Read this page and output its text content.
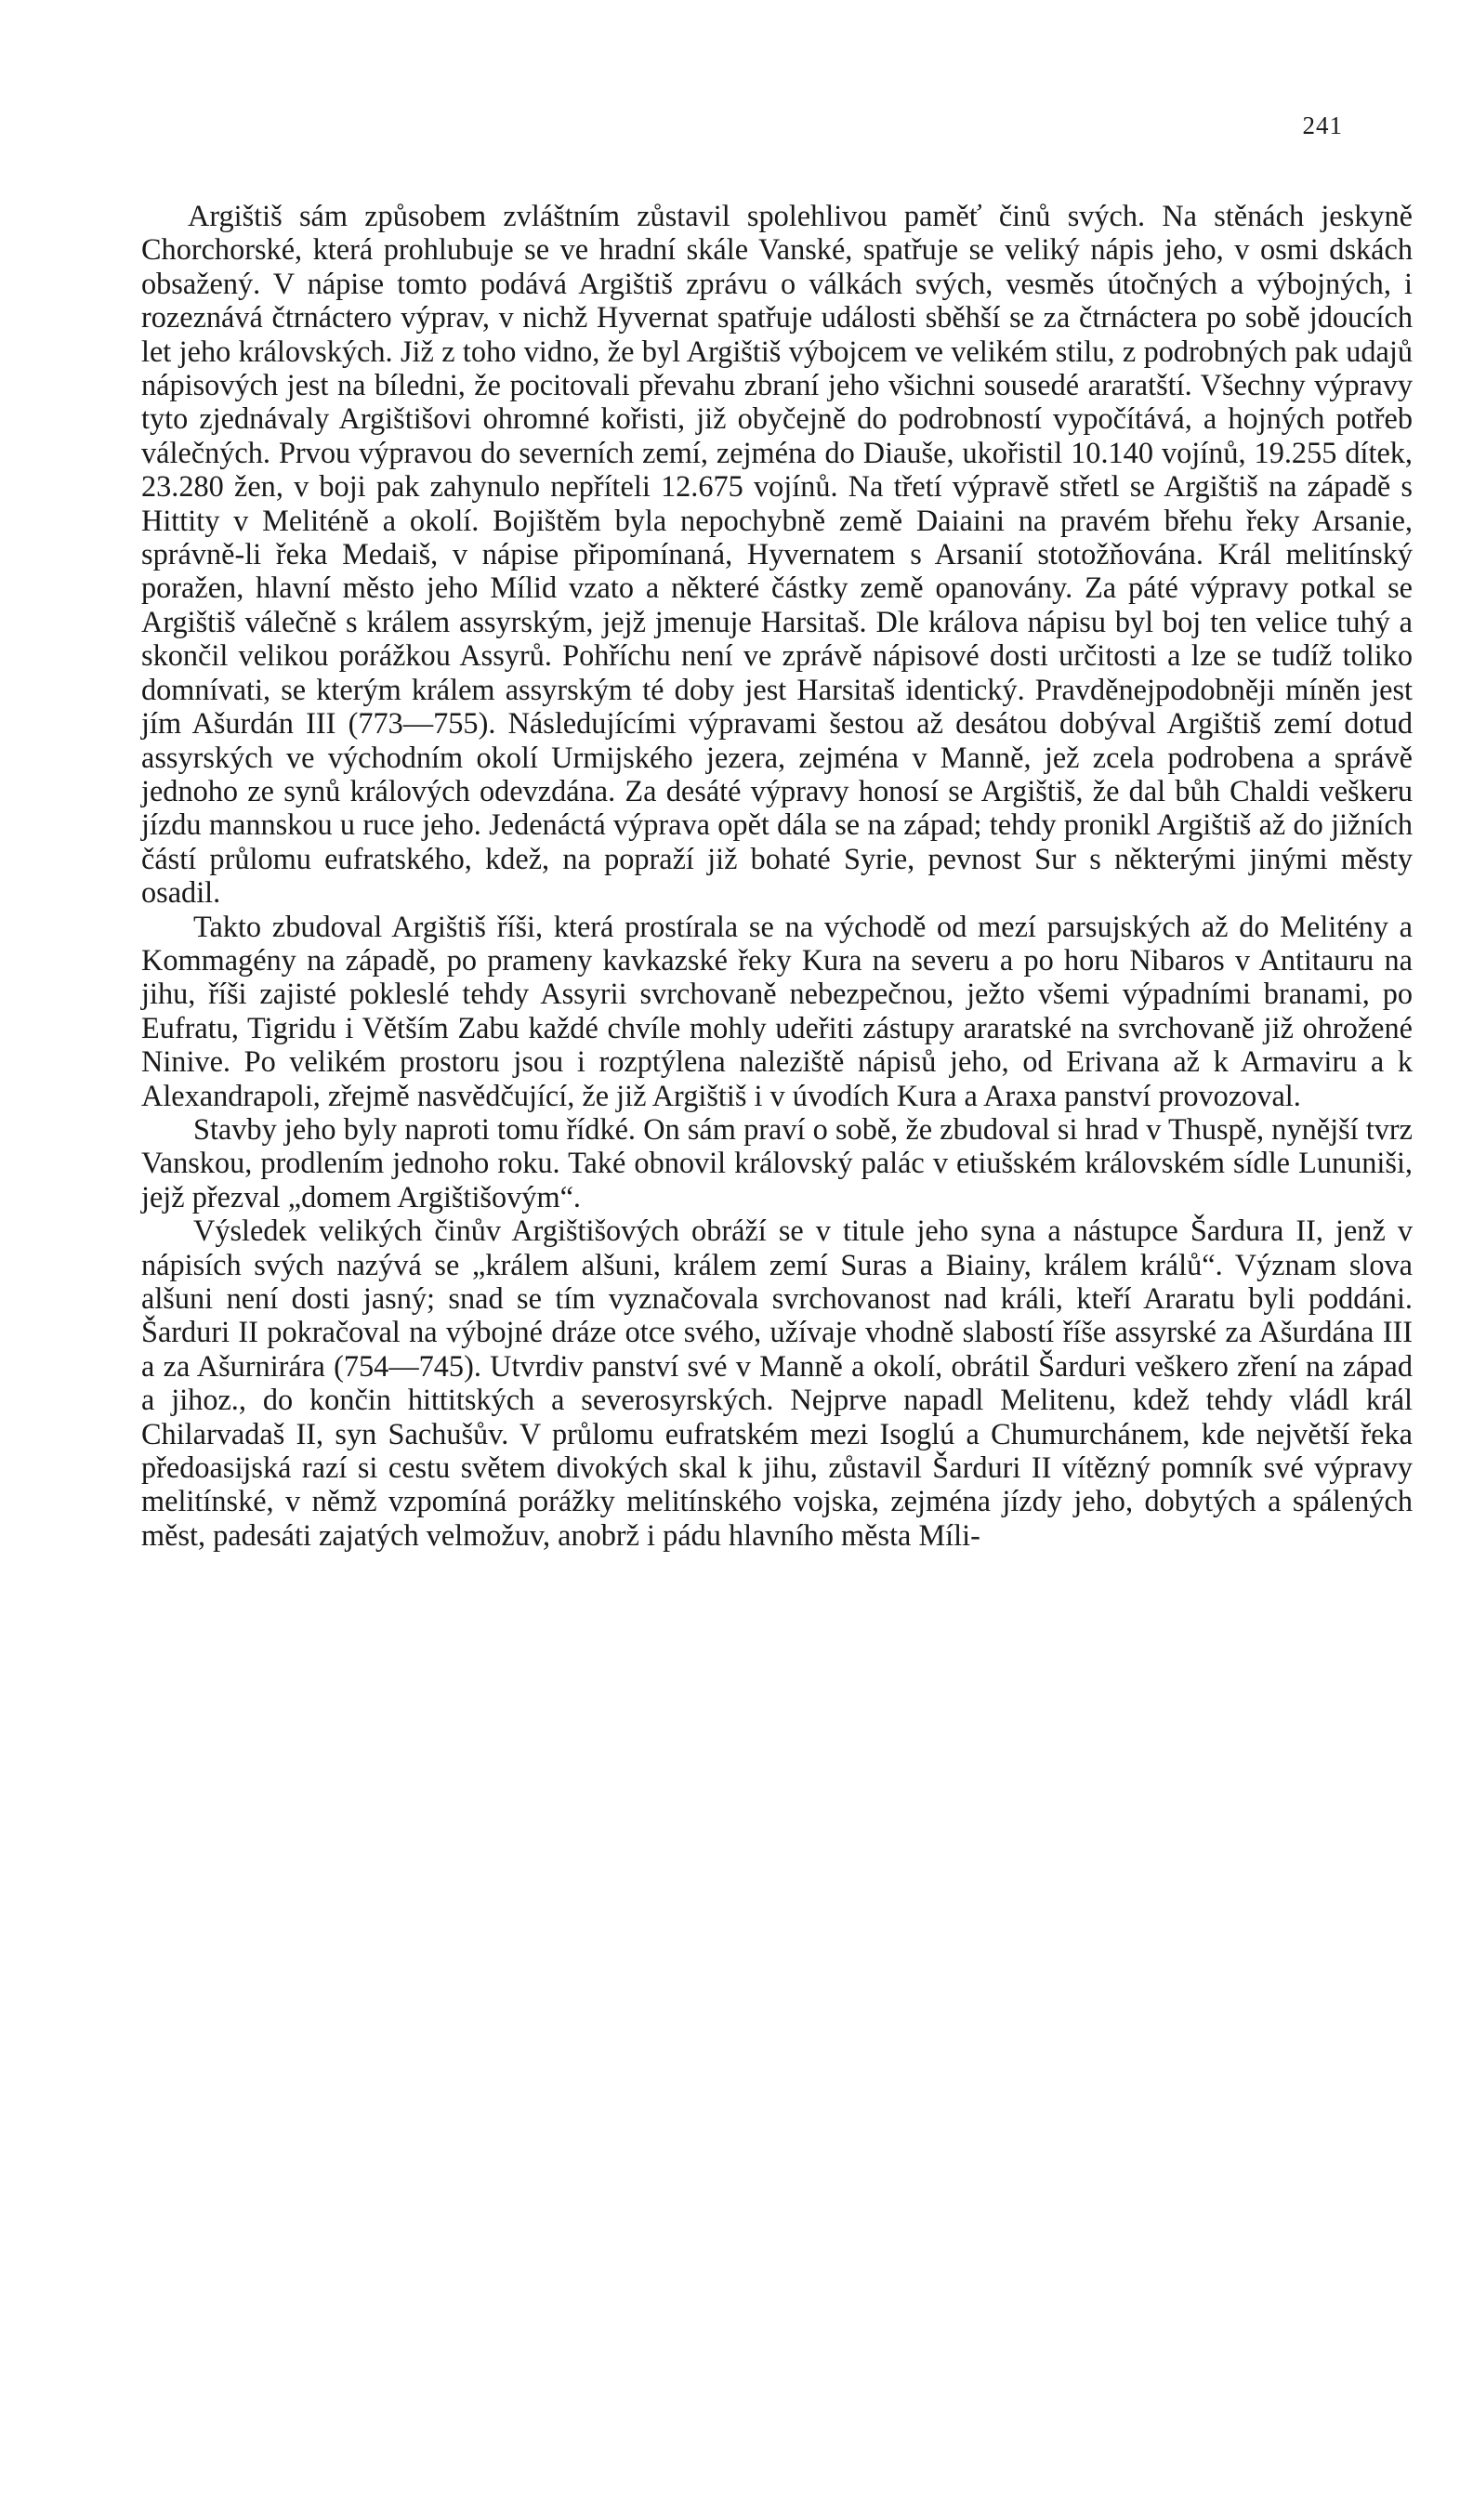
241

Argištiš sám způsobem zvláštním zůstavil spolehlivou paměť činů svých. Na stěnách jeskyně Chorchorské, která prohlubuje se ve hradní skále Vanské, spatřuje se veliký nápis jeho, v osmi dskách obsažený. V nápise tomto podává Argištiš zprávu o válkách svých, vesměs útočných a výbojných, i rozeznává čtrnáctero výprav, v nichž Hyvernat spatřuje události sběhší se za čtrnáctera po sobě jdoucích let jeho královských. Již z toho vidno, že byl Argištiš výbojcem ve velikém stilu, z podrobných pak udajů nápisových jest na bíledni, že pocitovali převahu zbraní jeho všichni sousedé araratští. Všechny výpravy tyto zjednávaly Argištišovi ohromné kořisti, již obyčejně do podrobností vypočítává, a hojných potřeb válečných. Prvou výpravou do severních zemí, zejména do Diauše, ukořistil 10.140 vojínů, 19.255 dítek, 23.280 žen, v boji pak zahynulo nepříteli 12.675 vojínů. Na třetí výpravě střetl se Argištiš na západě s Hittity v Meliténě a okolí. Bojištěm byla nepochybně země Daiaini na pravém břehu řeky Arsanie, správně-li řeka Medaiš, v nápise připomínaná, Hyvernatem s Arsanií stotožňována. Král melitínský poražen, hlavní město jeho Mílid vzato a některé částky země opanovány. Za páté výpravy potkal se Argištiš válečně s králem assyrským, jejž jmenuje Harsitaš. Dle králova nápisu byl boj ten velice tuhý a skončil velikou porážkou Assyrů. Pohříchu není ve zprávě nápisové dosti určitosti a lze se tudíž toliko domnívati, se kterým králem assyrským té doby jest Harsitaš identický. Pravděnejpodobněji míněn jest jím Ašurdán III (773—755). Následujícími výpravami šestou až desátou dobýval Argištiš zemí dotud assyrských ve východním okolí Urmijského jezera, zejména v Manně, jež zcela podrobena a správě jednoho ze synů králových odevzdána. Za desáté výpravy honosí se Argištiš, že dal bůh Chaldi veškeru jízdu mannskou u ruce jeho. Jedenáctá výprava opět dála se na západ; tehdy pronikl Argištiš až do jižních částí průlomu eufratského, kdež, na popraží již bohaté Syrie, pevnost Sur s některými jinými městy osadil.

Takto zbudoval Argištiš říši, která prostírala se na východě od mezí parsujských až do Melitény a Kommagény na západě, po prameny kavkazské řeky Kura na severu a po horu Nibaros v Antitauru na jihu, říši zajisté pokleslé tehdy Assyrii svrchovaně nebezpečnou, ježto všemi výpadními branami, po Eufratu, Tigridu i Větším Zabu každé chvíle mohly udeřiti zástupy araratské na svrchovaně již ohrožené Ninive. Po velikém prostoru jsou i rozptýlena naleziště nápisů jeho, od Erivana až k Armaviru a k Alexandrapoli, zřejmě nasvědčující, že již Argištiš i v úvodích Kura a Araxa panství provozoval.

Stavby jeho byly naproti tomu řídké. On sám praví o sobě, že zbudoval si hrad v Thuspě, nynější tvrz Vanskou, prodlením jednoho roku. Také obnovil královský palác v etiušském královském sídle Lununiši, jejž přezval „domem Argištišovým“.

Výsledek velikých činův Argištišových obráží se v titule jeho syna a nástupce Šardura II, jenž v nápisích svých nazývá se „králem alšuni, králem zemí Suras a Biainy, králem králů“. Význam slova alšuni není dosti jasný; snad se tím vyznačovala svrchovanost nad králi, kteří Araratu byli poddáni. Šarduri II pokračoval na výbojné dráze otce svého, užívaje vhodně slabostí říše assyrské za Ašurdána III a za Ašurnirára (754—745). Utvrdiv panství své v Manně a okolí, obrátil Šarduri veškero zření na západ a jihoz., do končin hittitských a severosyrských. Nejprve napadl Melitenu, kdež tehdy vládl král Chilarvadaš II, syn Sachušův. V průlomu eufratském mezi Isoglú a Chumurchánem, kde největší řeka předoasijská razí si cestu světem divokých skal k jihu, zůstavil Šarduri II vítězný pomník své výpravy melitínské, v němž vzpomíná porážky melitínského vojska, zejména jízdy jeho, dobytých a spálených měst, padesáti zajatých velmožuv, anobrž i pádu hlavního města Míli-
